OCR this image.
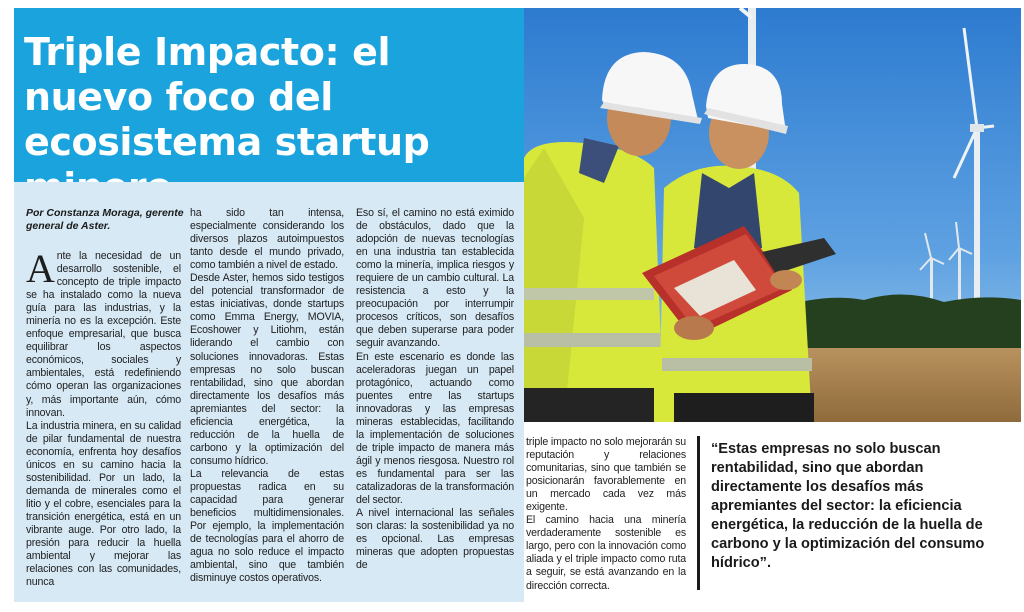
Triple Impacto: el nuevo foco del ecosistema startup
Por Constanza Moraga, gerente general de Aster.

Ante la necesidad de un desarrollo sostenible, el concepto de triple impacto se ha instalado como la nueva guía para las industrias, y la minería no es la excepción. Este enfoque empresarial, que busca equilibrar los aspectos económicos, sociales y ambientales, está redefiniendo cómo operan las organizaciones y, más importante aún, cómo innovan.

La industria minera, en su calidad de pilar fundamental de nuestra economía, enfrenta hoy desafíos únicos en su camino hacia la sostenibilidad. Por un lado, la demanda de minerales como el litio y el cobre, esenciales para la transición energética, está en un vibrante auge. Por otro lado, la presión para reducir la huella ambiental y mejorar las relaciones con las comunidades, nunca

ha sido tan intensa, especialmente considerando los diversos plazos autoimpuestos tanto desde el mundo privado, como también a nivel de estado.

Desde Aster, hemos sido testigos del potencial transformador de estas iniciativas, donde startups como Emma Energy, MOVIA, Ecoshower y Litiohm, están liderando el cambio con soluciones innovadoras. Estas empresas no solo buscan rentabilidad, sino que abordan directamente los desafíos más apremiantes del sector: la eficiencia energética, la reducción de la huella de carbono y la optimización del consumo hídrico.

La relevancia de estas propuestas radica en su capacidad para generar beneficios multidimensionales. Por ejemplo, la implementación de tecnologías para el ahorro de agua no solo reduce el impacto ambiental, sino que también disminuye costos operativos.

Eso sí, el camino no está eximido de obstáculos, dado que la adopción de nuevas tecnologías en una industria tan establecida como la minería, implica riesgos y requiere de un cambio cultural. La resistencia a esto y la preocupación por interrumpir procesos críticos, son desafíos que deben superarse para poder seguir avanzando.

En este escenario es donde las aceleradoras juegan un papel protagónico, actuando como puentes entre las startups innovadoras y las empresas mineras establecidas, facilitando la implementación de soluciones de triple impacto de manera más ágil y menos riesgosa. Nuestro rol es fundamental para ser las catalizadoras de la transformación del sector.

A nivel internacional las señales son claras: la sostenibilidad ya no es opcional. Las empresas mineras que adopten propuestas de

triple impacto no solo mejorarán su reputación y relaciones comunitarias, sino que también se posicionarán favorablemente en un mercado cada vez más exigente.

El camino hacia una minería verdaderamente sostenible es largo, pero con la innovación como aliada y el triple impacto como ruta a seguir, se está avanzando en la dirección correcta.

“Estas empresas no solo buscan rentabilidad, sino que abordan directamente los desafíos más apremiantes del sector: la eficiencia energética, la reducción de la huella de carbono y la optimización del consumo hídrico”.
